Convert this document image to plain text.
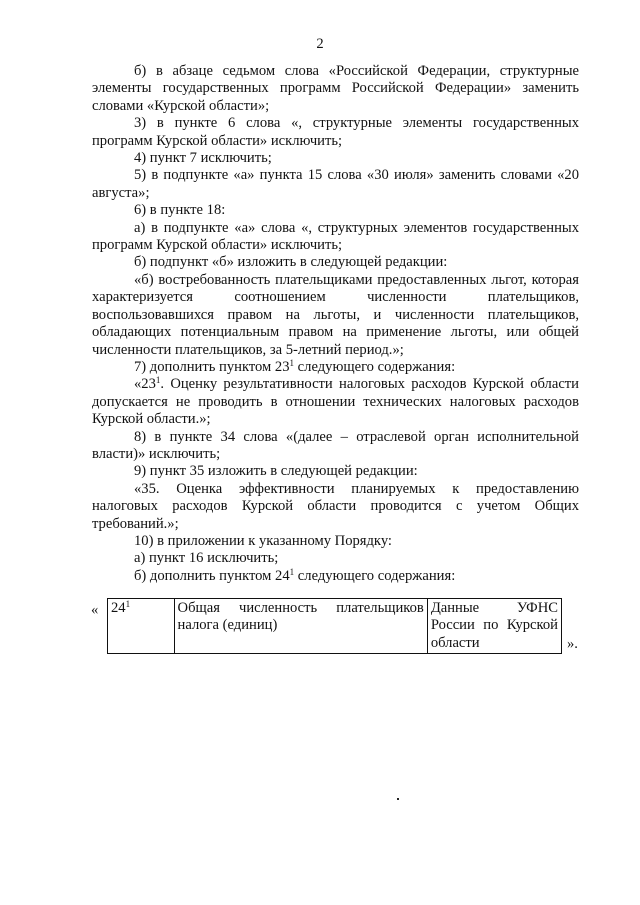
2

б) в абзаце седьмом слова «Российской Федерации, структурные элементы государственных программ Российской Федерации» заменить словами «Курской области»;

3) в пункте 6 слова «, структурные элементы государственных программ Курской области» исключить;

4) пункт 7 исключить;

5) в подпункте «а» пункта 15 слова «30 июля» заменить словами «20 августа»;

6) в пункте 18:

а) в подпункте «а» слова «, структурных элементов государственных программ Курской области» исключить;

б) подпункт «б» изложить в следующей редакции:

«б) востребованность плательщиками предоставленных льгот, которая характеризуется соотношением численности плательщиков, воспользовавшихся правом на льготы, и численности плательщиков, обладающих потенциальным правом на применение льготы, или общей численности плательщиков, за 5-летний период.»;

7) дополнить пунктом $23^1$ следующего содержания:

«$23^1$. Оценку результативности налоговых расходов Курской области допускается не проводить в отношении технических налоговых расходов Курской области.»;

8) в пункте 34 слова «(далее – отраслевой орган исполнительной власти)» исключить;

9) пункт 35 изложить в следующей редакции:

«35. Оценка эффективности планируемых к предоставлению налоговых расходов Курской области проводится с учетом Общих требований.»;

10) в приложении к указанному Порядку:

а) пункт 16 исключить;

б) дополнить пунктом $24^1$ следующего содержания:

« $24^1$	Общая численность плательщиков налога (единиц)	Данные УФНС России по Курской области	».
